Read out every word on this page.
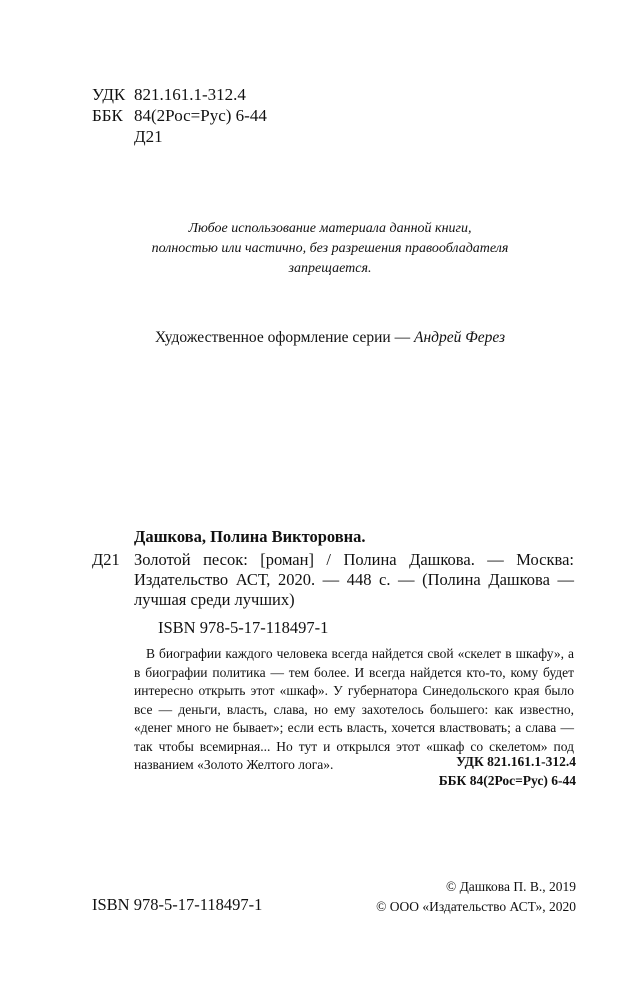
УДК 821.161.1-312.4
ББК 84(2Рос=Рус) 6-44
Д21
Любое использование материала данной книги,
полностью или частично, без разрешения правообладателя
запрещается.
Художественное оформление серии — Андрей Ферез
Дашкова, Полина Викторовна.
Д21 Золотой песок: [роман] / Полина Дашкова. — Москва: Издательство АСТ, 2020. — 448 с. — (Полина Дашкова — лучшая среди лучших)
ISBN 978-5-17-118497-1

В биографии каждого человека всегда найдется свой «скелет в шкафу», а в биографии политика — тем более. И всегда найдется кто-то, кому будет интересно открыть этот «шкаф». У губернатора Синедольского края было все — деньги, власть, слава, но ему захотелось большего: как известно, «денег много не бывает»; если есть власть, хочется властвовать; а слава — так чтобы всемирная... Но тут и открылся этот «шкаф со скелетом» под названием «Золото Желтого лога».	УДК 821.161.1-312.4
ББК 84(2Рос=Рус) 6-44
ISBN 978-5-17-118497-1
© Дашкова П. В., 2019
© ООО «Издательство АСТ», 2020
